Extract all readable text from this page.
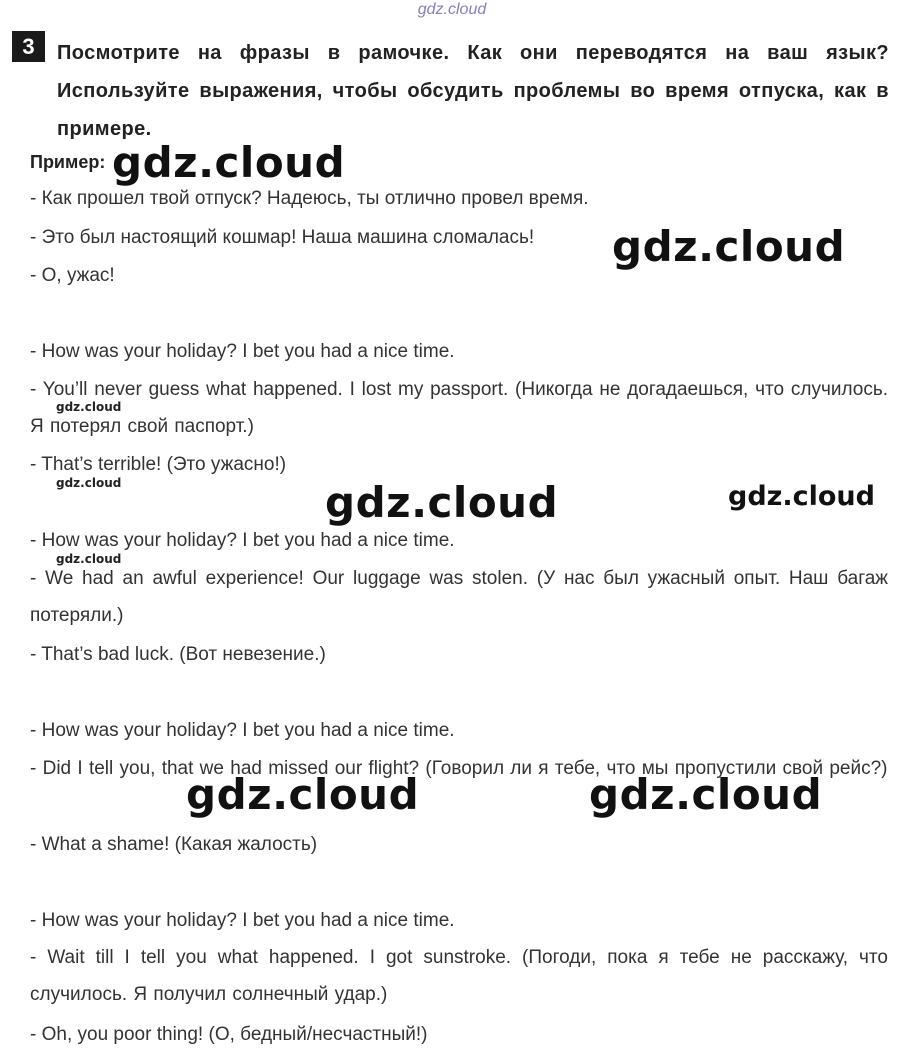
gdz.cloud
3	Посмотрите на фразы в рамочке. Как они переводятся на ваш язык? Используйте выражения, чтобы обсудить проблемы во время отпуска, как в примере.
Пример:
- Как прошел твой отпуск? Надеюсь, ты отлично провел время.
- Это был настоящий кошмар! Наша машина сломалась!
- О, ужас!
- How was your holiday? I bet you had a nice time.
- You’ll never guess what happened. I lost my passport. (Никогда не догадаешься, что случилось. Я потерял свой паспорт.)
- That’s terrible! (Это ужасно!)
- How was your holiday? I bet you had a nice time.
- We had an awful experience! Our luggage was stolen. (У нас был ужасный опыт. Наш багаж потеряли.)
- That’s bad luck. (Вот невезение.)
- How was your holiday? I bet you had a nice time.
- Did I tell you, that we had missed our flight? (Говорил ли я тебе, что мы пропустили свой рейс?)
- What a shame! (Какая жалость)
- How was your holiday? I bet you had a nice time.
- Wait till I tell you what happened. I got sunstroke. (Погоди, пока я тебе не расскажу, что случилось. Я получил солнечный удар.)
- Oh, you poor thing! (О, бедный/несчастный!)
gdz.cloud
gdz.cloud
gdz.cloud	gdz.cloud
gdz.cloud	gdz.cloud
gdz.cloud
gdz.cloud
gdz.cloud
